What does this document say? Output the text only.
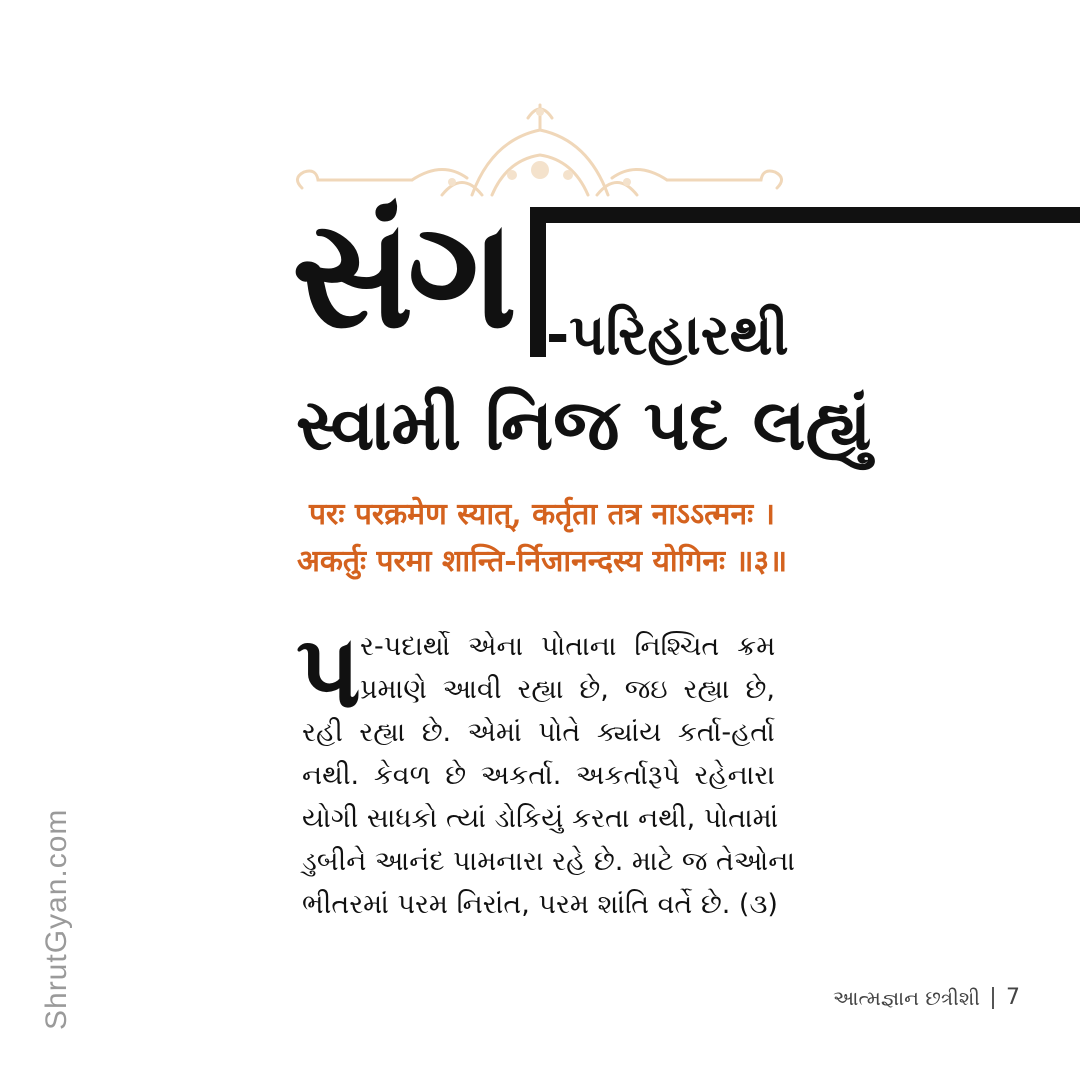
સંગ -પરિહારથી
સ્વામી નિજ પદ લહ્યું
परः परक्रमेण स्यात्, कर्तृता तत्र नाऽऽत्मनः ।
अकर्तुः परमा शान्ति-र्निजानन्दस्य योगिनः ॥३॥
પ ર-પદાર્થો એના પોતાના નિશ્ચિત ક્રમ
પ્રમાણે આવી રહ્યા છે, જઇ રહ્યા છે,
રહી રહ્યા છે. એમાં પોતે ક્યાંય કર્તા-હર્તા
નથી. કેવળ છે અકર્તા. અકર્તારૂપે રહેનારા
યોગી સાધકો ત્યાં ડોકિયું કરતા નથી, પોતામાં
ડુબીને આનંદ પામનારા રહે છે. માટે જ તેઓના
ભીતરમાં પરમ નિરાંત, પરમ શાંતિ વર્તે છે. (૩)
આત્મજ્ઞાન છત્રીશી 7
ShrutGyan.com
